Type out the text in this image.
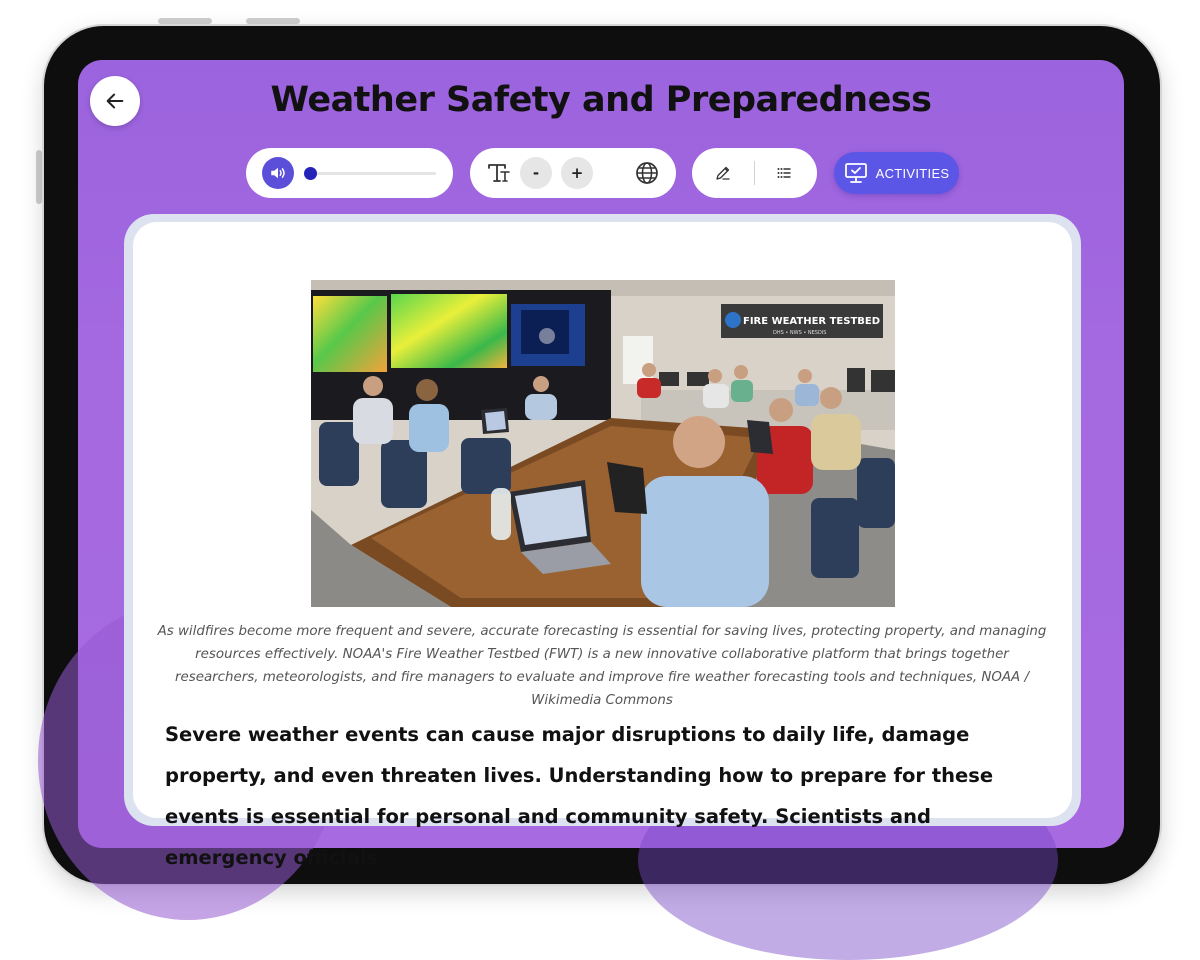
Weather Safety and Preparedness
-	+	ACTIVITIES
FIRE WEATHER TESTBED
DHS • NWS • NESDIS
As wildfires become more frequent and severe, accurate forecasting is essential for saving lives, protecting property, and managing resources effectively. NOAA's Fire Weather Testbed (FWT) is a new innovative collaborative platform that brings together researchers, meteorologists, and fire managers to evaluate and improve fire weather forecasting tools and techniques, NOAA / Wikimedia Commons
Severe weather events can cause major disruptions to daily life, damage property, and even threaten lives. Understanding how to prepare for these events is essential for personal and community safety. Scientists and emergency officials
